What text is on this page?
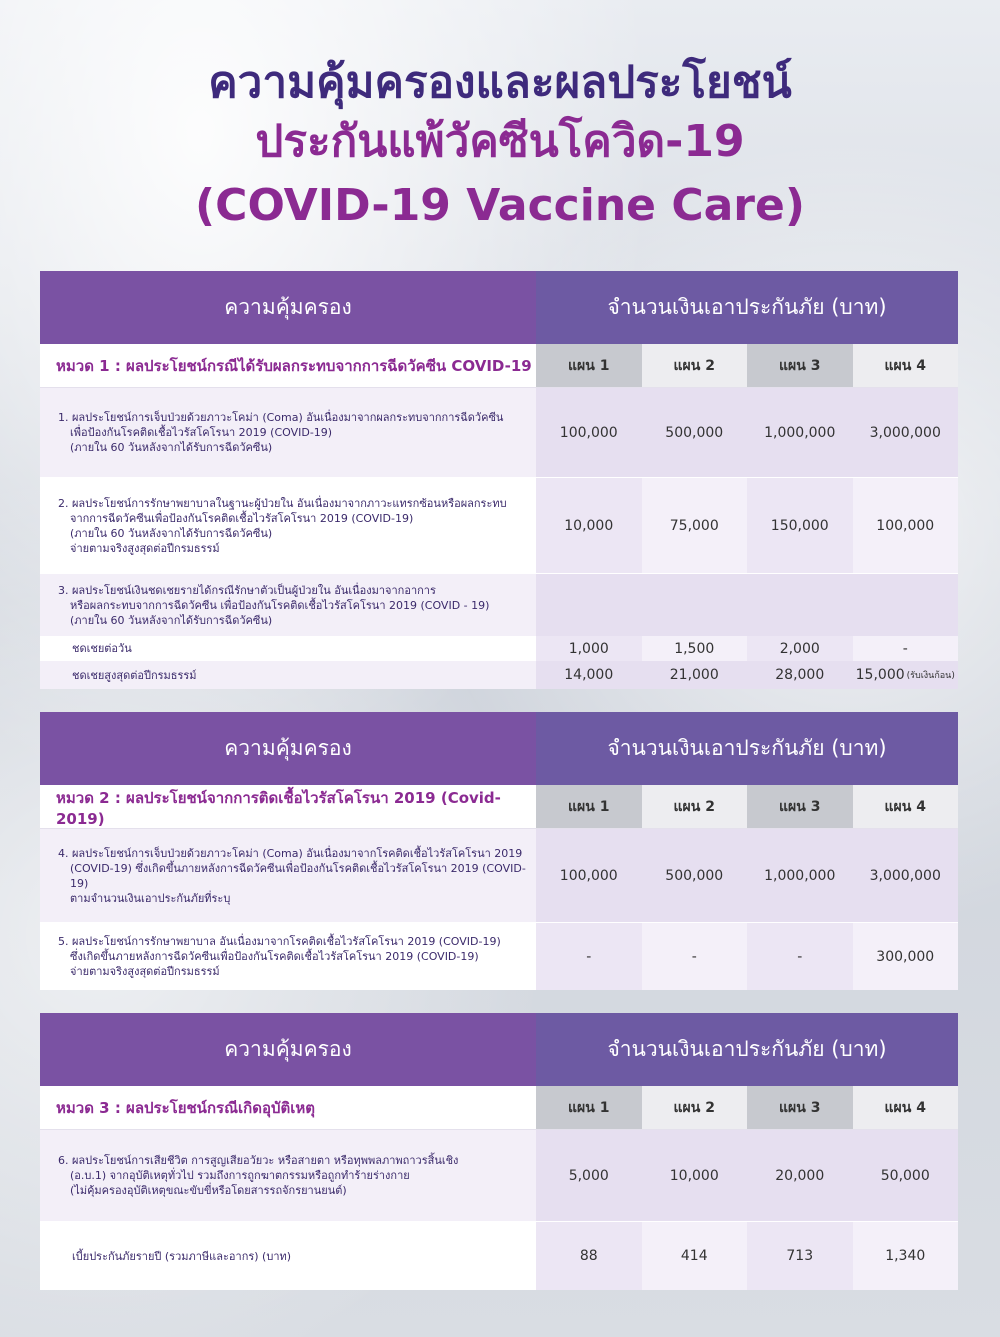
ความคุ้มครองและผลประโยชน์
ประกันแพ้วัคซีนโควิด-19
(COVID-19 Vaccine Care)
ความคุ้มครอง	จำนวนเงินเอาประกันภัย (บาท)
หมวด 1 : ผลประโยชน์กรณีได้รับผลกระทบจากการฉีดวัคซีน COVID-19	แผน 1	แผน 2	แผน 3	แผน 4
1. ผลประโยชน์การเจ็บป่วยด้วยภาวะโคม่า (Coma) อันเนื่องมาจากผลกระทบจากการฉีดวัคซีน
เพื่อป้องกันโรคติดเชื้อไวรัสโคโรนา 2019 (COVID-19)
(ภายใน 60 วันหลังจากได้รับการฉีดวัคซีน)
100,000	500,000	1,000,000	3,000,000
2. ผลประโยชน์การรักษาพยาบาลในฐานะผู้ป่วยใน อันเนื่องมาจากภาวะแทรกซ้อนหรือผลกระทบ
จากการฉีดวัคซีนเพื่อป้องกันโรคติดเชื้อไวรัสโคโรนา 2019 (COVID-19)
(ภายใน 60 วันหลังจากได้รับการฉีดวัคซีน)
จ่ายตามจริงสูงสุดต่อปีกรมธรรม์
10,000	75,000	150,000	100,000
3. ผลประโยชน์เงินชดเชยรายได้กรณีรักษาตัวเป็นผู้ป่วยใน อันเนื่องมาจากอาการ
หรือผลกระทบจากการฉีดวัคซีน เพื่อป้องกันโรคติดเชื้อไวรัสโคโรนา 2019 (COVID - 19)
(ภายใน 60 วันหลังจากได้รับการฉีดวัคซีน)
ชดเชยต่อวัน	1,000	1,500	2,000	-
ชดเชยสูงสุดต่อปีกรมธรรม์	14,000	21,000	28,000	15,000 (รับเงินก้อน)
ความคุ้มครอง	จำนวนเงินเอาประกันภัย (บาท)
หมวด 2 : ผลประโยชน์จากการติดเชื้อไวรัสโคโรนา 2019 (Covid-2019)
แผน 1	แผน 2	แผน 3	แผน 4
4. ผลประโยชน์การเจ็บป่วยด้วยภาวะโคม่า (Coma) อันเนื่องมาจากโรคติดเชื้อไวรัสโคโรนา 2019
(COVID-19) ซึ่งเกิดขึ้นภายหลังการฉีดวัคซีนเพื่อป้องกันโรคติดเชื้อไวรัสโคโรนา 2019 (COVID-19)
ตามจำนวนเงินเอาประกันภัยที่ระบุ
100,000	500,000	1,000,000	3,000,000
5. ผลประโยชน์การรักษาพยาบาล อันเนื่องมาจากโรคติดเชื้อไวรัสโคโรนา 2019 (COVID-19)
ซึ่งเกิดขึ้นภายหลังการฉีดวัคซีนเพื่อป้องกันโรคติดเชื้อไวรัสโคโรนา 2019 (COVID-19)
จ่ายตามจริงสูงสุดต่อปีกรมธรรม์
-	-	-	300,000
ความคุ้มครอง	จำนวนเงินเอาประกันภัย (บาท)
หมวด 3 : ผลประโยชน์กรณีเกิดอุบัติเหตุ	แผน 1	แผน 2	แผน 3	แผน 4
6. ผลประโยชน์การเสียชีวิต การสูญเสียอวัยวะ หรือสายตา หรือทุพพลภาพถาวรสิ้นเชิง
(อ.บ.1) จากอุบัติเหตุทั่วไป รวมถึงการถูกฆาตกรรมหรือถูกทำร้ายร่างกาย
(ไม่คุ้มครองอุบัติเหตุขณะขับขี่หรือโดยสารรถจักรยานยนต์)
5,000	10,000	20,000	50,000
เบี้ยประกันภัยรายปี (รวมภาษีและอากร) (บาท)	88	414	713	1,340
